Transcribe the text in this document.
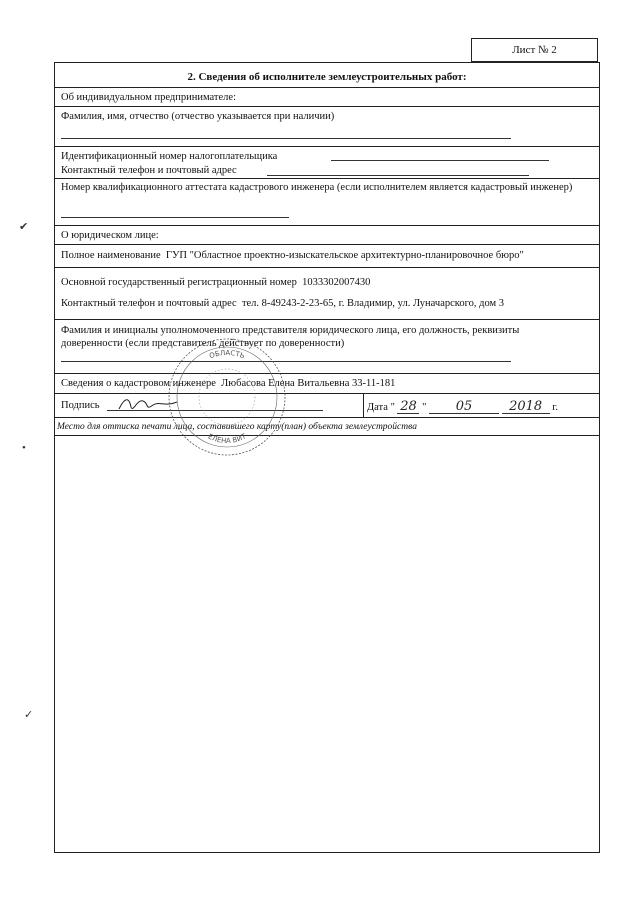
Лист № 2
2. Сведения об исполнителе землеустроительных работ:
Об индивидуальном предпринимателе:
Фамилия, имя, отчество (отчество указывается при наличии)
Идентификационный номер налогоплательщика
Контактный телефон и почтовый адрес
Номер квалификационного аттестата кадастрового инженера (если исполнителем является кадастровый инженер)
О юридическом лице:
Полное наименование ГУП "Областное проектно-изыскательское архитектурно-планировочное бюро"
Основной государственный регистрационный номер 1033302007430
Контактный телефон и почтовый адрес тел. 8-49243-2-23-65, г. Владимир, ул. Луначарского, дом 3
Фамилия и инициалы уполномоченного представителя юридического лица, его должность, реквизиты доверенности (если представитель действует по доверенности)
Сведения о кадастровом инженере Любасова Елена Витальевна 33-11-181
Подпись	Дата " 28 " 05	2018 г.
Место для оттиска печати лица, составившего карту(план) объекта землеустройства
ОБЛАСТЬ
ЕЛЕНА ВИТ
✔
•
✓
